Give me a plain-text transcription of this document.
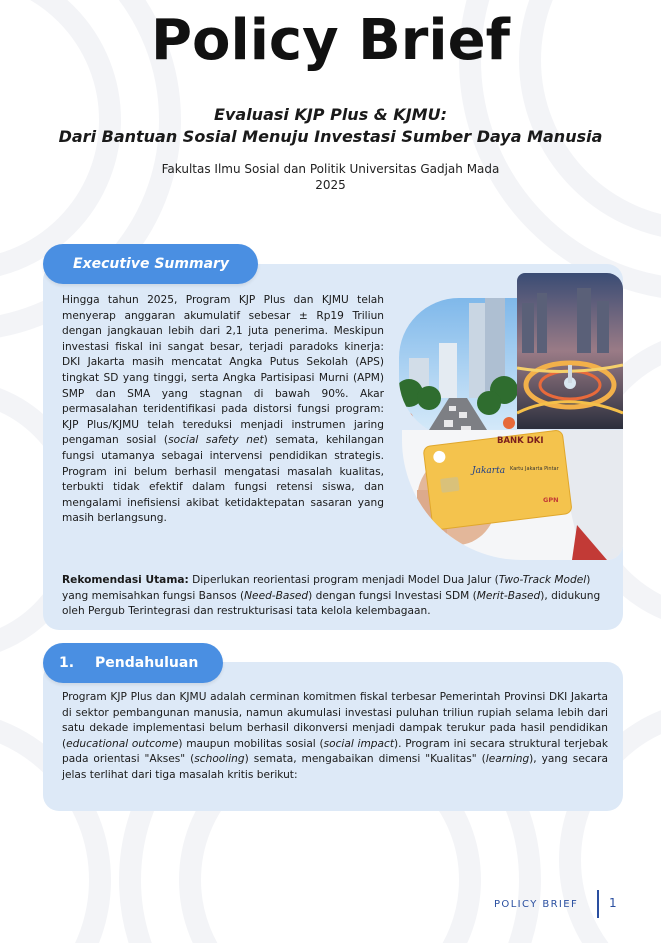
Policy Brief
Evaluasi KJP Plus & KJMU:
Dari Bantuan Sosial Menuju Investasi Sumber Daya Manusia
Fakultas Ilmu Sosial dan Politik Universitas Gadjah Mada
2025
Executive Summary
Hingga tahun 2025, Program KJP Plus dan KJMU telah menyerap anggaran akumulatif sebesar ± Rp19 Triliun dengan jangkauan lebih dari 2,1 juta penerima. Meskipun investasi fiskal ini sangat besar, terjadi paradoks kinerja: DKI Jakarta masih mencatat Angka Putus Sekolah (APS) tingkat SD yang tinggi, serta Angka Partisipasi Murni (APM) SMP dan SMA yang stagnan di bawah 90%. Akar permasalahan teridentifikasi pada distorsi fungsi program: KJP Plus/KJMU telah tereduksi menjadi instrumen jaring pengaman sosial (social safety net) semata, kehilangan fungsi utamanya sebagai intervensi pendidikan strategis. Program ini belum berhasil mengatasi masalah kualitas, terbukti tidak efektif dalam fungsi retensi siswa, dan mengalami inefisiensi akibat ketidaktepatan sasaran yang masih berlangsung.
BANK DKI
Jakarta Kartu Jakarta Pintar
GPN
Rekomendasi Utama: Diperlukan reorientasi program menjadi Model Dua Jalur (Two-Track Model) yang memisahkan fungsi Bansos (Need-Based) dengan fungsi Investasi SDM (Merit-Based), didukung oleh Pergub Terintegrasi dan restrukturisasi tata kelola kelembagaan.
1.	Pendahuluan
Program KJP Plus dan KJMU adalah cerminan komitmen fiskal terbesar Pemerintah Provinsi DKI Jakarta di sektor pembangunan manusia, namun akumulasi investasi puluhan triliun rupiah selama lebih dari satu dekade implementasi belum berhasil dikonversi menjadi dampak terukur pada hasil pendidikan (educational outcome) maupun mobilitas sosial (social impact). Program ini secara struktural terjebak pada orientasi "Akses" (schooling) semata, mengabaikan dimensi "Kualitas" (learning), yang secara jelas terlihat dari tiga masalah kritis berikut:
POLICY BRIEF	1
